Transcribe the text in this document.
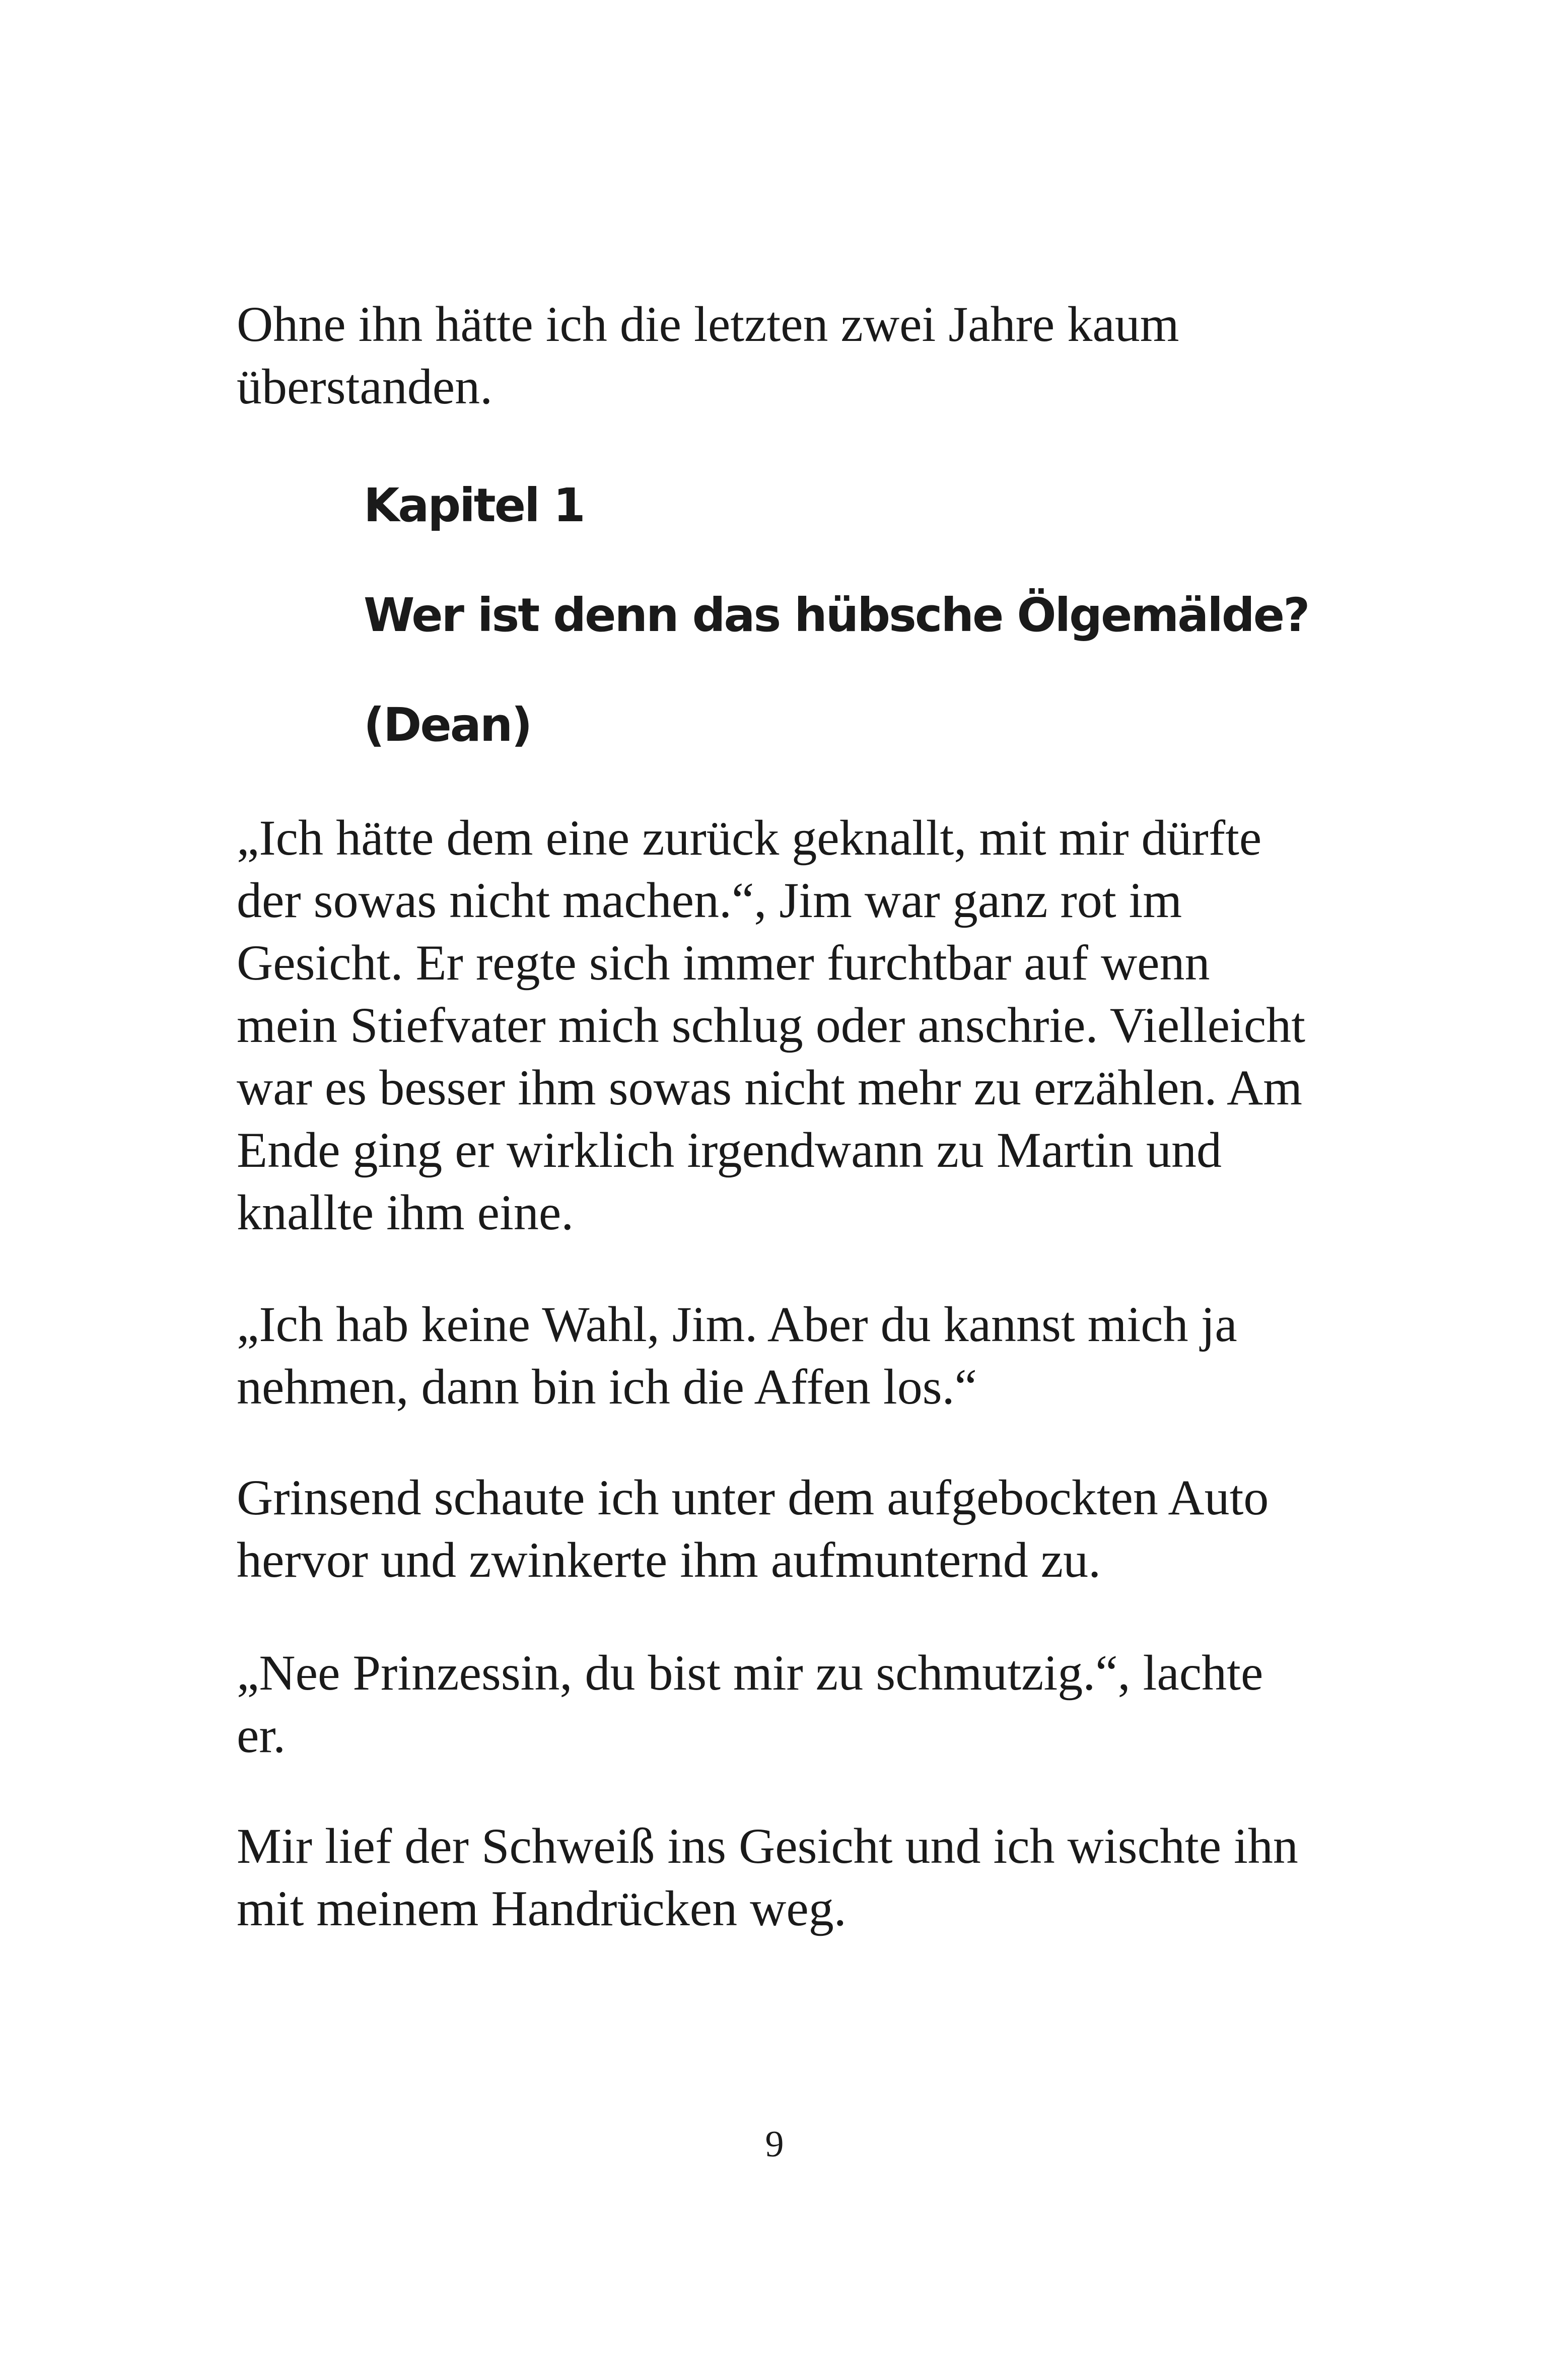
Ohne ihn hätte ich die letzten zwei Jahre kaum überstanden.

Kapitel 1
Wer ist denn das hübsche Ölgemälde?
(Dean)

„Ich hätte dem eine zurück geknallt, mit mir dürfte der sowas nicht machen.“, Jim war ganz rot im Gesicht. Er regte sich immer furchtbar auf wenn mein Stiefvater mich schlug oder anschrie. Vielleicht war es besser ihm sowas nicht mehr zu erzählen. Am Ende ging er wirklich irgendwann zu Martin und knallte ihm eine.

„Ich hab keine Wahl, Jim. Aber du kannst mich ja nehmen, dann bin ich die Affen los.“

Grinsend schaute ich unter dem aufgebockten Auto hervor und zwinkerte ihm aufmunternd zu.

„Nee Prinzessin, du bist mir zu schmutzig.“, lachte er.

Mir lief der Schweiß ins Gesicht und ich wischte ihn mit meinem Handrücken weg.

9
